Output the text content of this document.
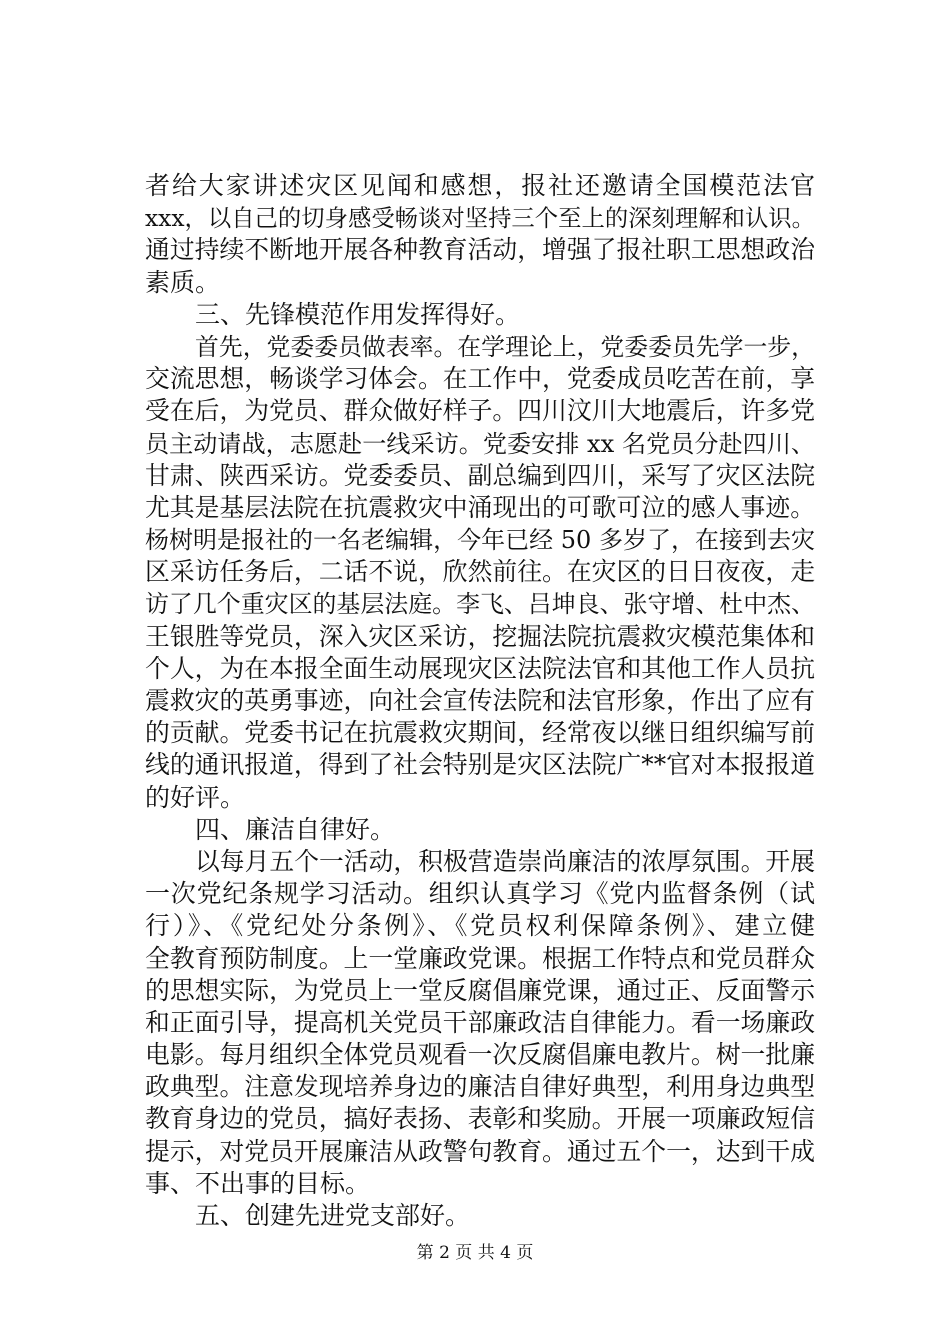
者给大家讲述灾区见闻和感想，报社还邀请全国模范法官
xxx，以自己的切身感受畅谈对坚持三个至上的深刻理解和认识。
通过持续不断地开展各种教育活动，增强了报社职工思想政治
素质。
三、先锋模范作用发挥得好。
首先，党委委员做表率。在学理论上，党委委员先学一步，
交流思想，畅谈学习体会。在工作中，党委成员吃苦在前，享
受在后，为党员、群众做好样子。四川汶川大地震后，许多党
员主动请战，志愿赴一线采访。党委安排 xx 名党员分赴四川、
甘肃、陕西采访。党委委员、副总编到四川，采写了灾区法院
尤其是基层法院在抗震救灾中涌现出的可歌可泣的感人事迹。
杨树明是报社的一名老编辑，今年已经 50 多岁了，在接到去灾
区采访任务后，二话不说，欣然前往。在灾区的日日夜夜，走
访了几个重灾区的基层法庭。李飞、吕坤良、张守增、杜中杰、
王银胜等党员，深入灾区采访，挖掘法院抗震救灾模范集体和
个人，为在本报全面生动展现灾区法院法官和其他工作人员抗
震救灾的英勇事迹，向社会宣传法院和法官形象，作出了应有
的贡献。党委书记在抗震救灾期间，经常夜以继日组织编写前
线的通讯报道，得到了社会特别是灾区法院广**官对本报报道
的好评。
四、廉洁自律好。
以每月五个一活动，积极营造崇尚廉洁的浓厚氛围。开展
一次党纪条规学习活动。组织认真学习《党内监督条例（试
行）》、《党纪处分条例》、《党员权利保障条例》、建立健
全教育预防制度。上一堂廉政党课。根据工作特点和党员群众
的思想实际，为党员上一堂反腐倡廉党课，通过正、反面警示
和正面引导，提高机关党员干部廉政洁自律能力。看一场廉政
电影。每月组织全体党员观看一次反腐倡廉电教片。树一批廉
政典型。注意发现培养身边的廉洁自律好典型，利用身边典型
教育身边的党员，搞好表扬、表彰和奖励。开展一项廉政短信
提示，对党员开展廉洁从政警句教育。通过五个一，达到干成
事、不出事的目标。
五、创建先进党支部好。
第 2 页 共 4 页
